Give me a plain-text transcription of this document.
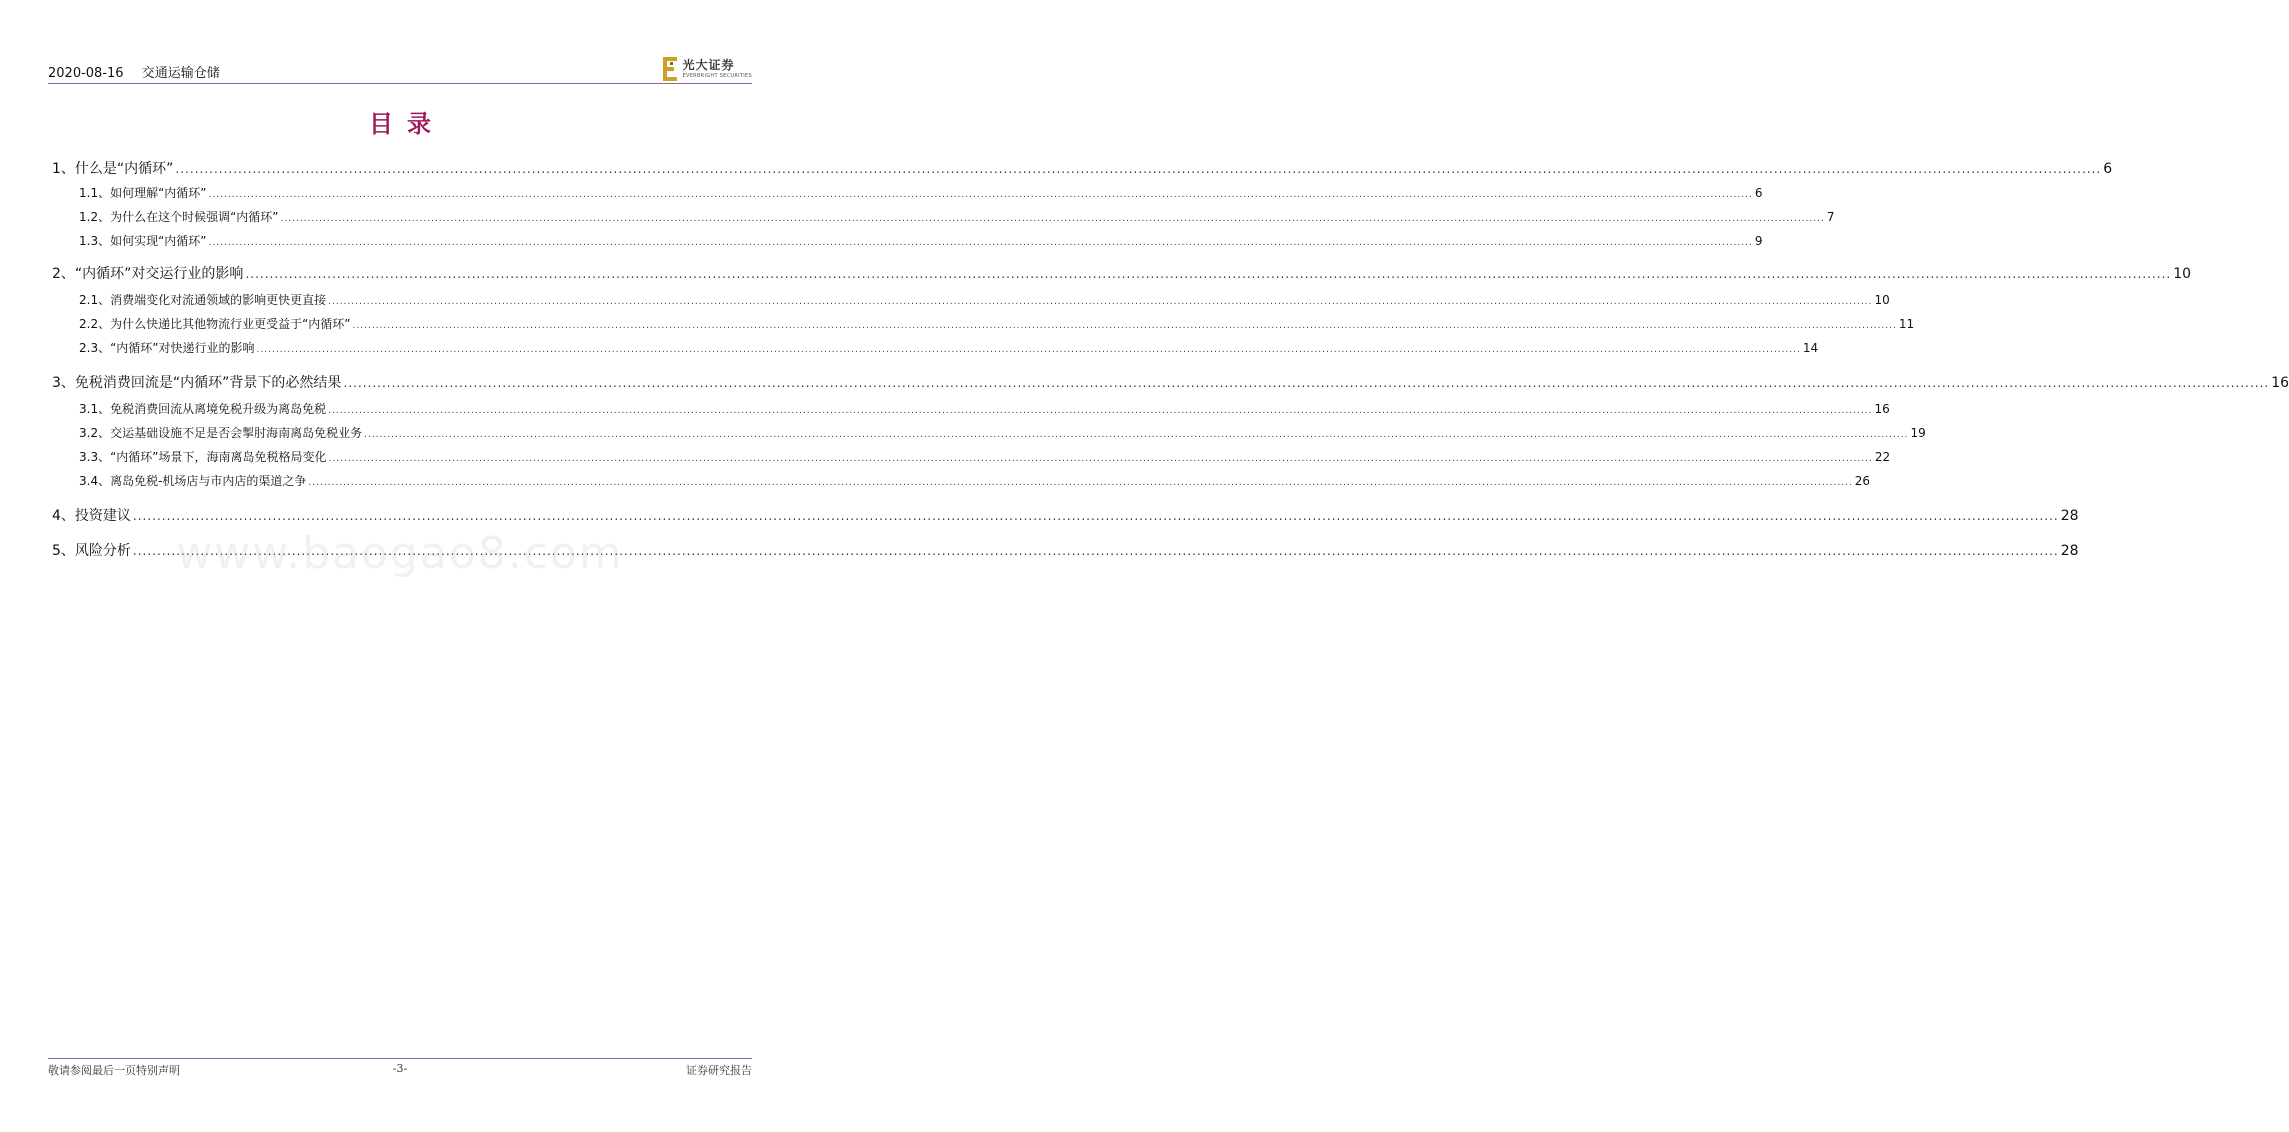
2020-08-16 交通运输仓储
光大证券
EVERBRIGHT SECURITIES
目录
1、 什么是“内循环” ................................................................................................................................................................................................................................................................................................................................................................................................................ 6
1.1、 如何理解“内循环” ................................................................................................................................................................................................................................................................................................................................................................................................................ 6
1.2、 为什么在这个时候强调“内循环” ................................................................................................................................................................................................................................................................................................................................................................................................................ 7
1.3、 如何实现“内循环” ................................................................................................................................................................................................................................................................................................................................................................................................................ 9
2、 “内循环”对交运行业的影响 ................................................................................................................................................................................................................................................................................................................................................................................................................ 10
2.1、 消费端变化对流通领域的影响更快更直接 ................................................................................................................................................................................................................................................................................................................................................................................................................ 10
2.2、 为什么快递比其他物流行业更受益于“内循环” ................................................................................................................................................................................................................................................................................................................................................................................................................ 11
2.3、 “内循环”对快递行业的影响 ................................................................................................................................................................................................................................................................................................................................................................................................................ 14
3、 免税消费回流是“内循环”背景下的必然结果 ................................................................................................................................................................................................................................................................................................................................................................................................................ 16
3.1、 免税消费回流从离境免税升级为离岛免税 ................................................................................................................................................................................................................................................................................................................................................................................................................ 16
3.2、 交运基础设施不足是否会掣肘海南离岛免税业务 ................................................................................................................................................................................................................................................................................................................................................................................................................ 19
3.3、 “内循环”场景下，海南离岛免税格局变化 ................................................................................................................................................................................................................................................................................................................................................................................................................ 22
3.4、 离岛免税-机场店与市内店的渠道之争 ................................................................................................................................................................................................................................................................................................................................................................................................................ 26
4、 投资建议 ................................................................................................................................................................................................................................................................................................................................................................................................................ 28
5、 风险分析 ................................................................................................................................................................................................................................................................................................................................................................................................................ 28
www.baogao8.com
敬请参阅最后一页特别声明	-3-	证券研究报告
